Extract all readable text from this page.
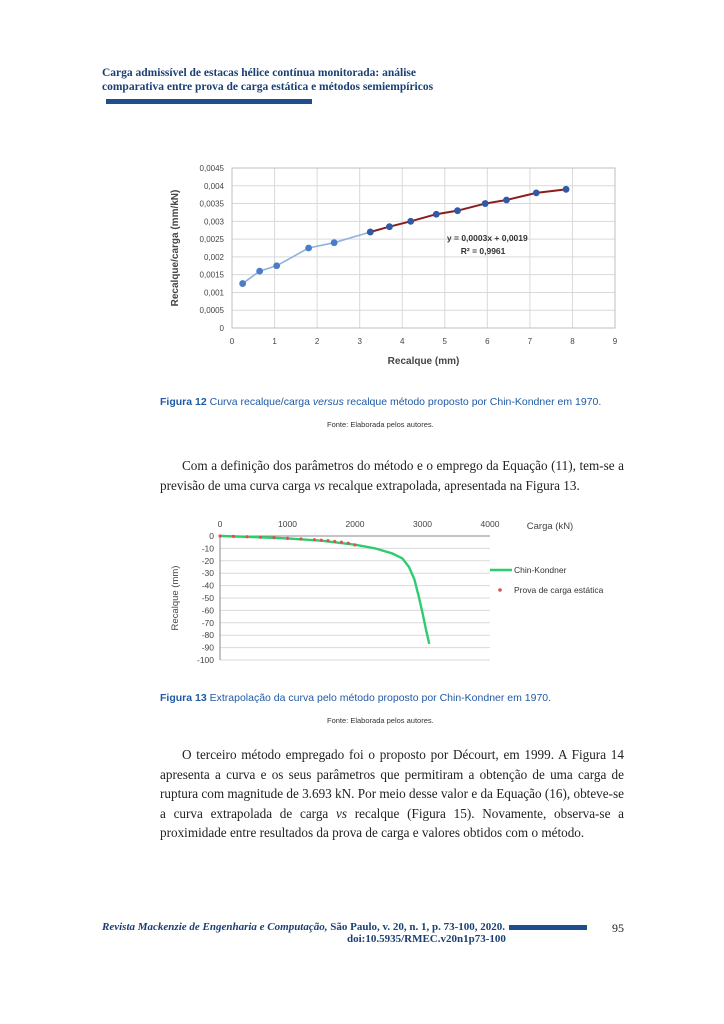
Carga admissível de estacas hélice contínua monitorada: análise
comparativa entre prova de carga estática e métodos semiempíricos
0
0,0005
0,001
0,0015
0,002
0,0025
0,003
0,0035
0,004
0,0045
0	1	2	3	4	5	6	7	8	9
Recalque (mm)
Recalque/carga (mm/kN)	y = 0,0003x + 0,0019
R² = 0,9961
Figura 12 Curva recalque/carga versus recalque método proposto por Chin-Kondner em 1970.
Fonte: Elaborada pelos autores.
Com a definição dos parâmetros do método e o emprego da Equação (11), tem-se a previsão de uma curva carga vs recalque extrapolada, apresentada na Figura 13.
0
-10
-20
-30
-40
-50
-60
-70
-80
-90
-100
0	1000	2000	3000	4000	Carga (kN)
Recalque (mm)	Chin-Kondner
Prova de carga estática
Figura 13 Extrapolação da curva pelo método proposto por Chin-Kondner em 1970.
Fonte: Elaborada pelos autores.
O terceiro método empregado foi o proposto por Décourt, em 1999. A Figura 14 apresenta a curva e os seus parâmetros que permitiram a obtenção de uma carga de ruptura com magnitude de 3.693 kN. Por meio desse valor e da Equação (16), obteve-se a curva extrapolada de carga vs recalque (Figura 15). Novamente, observa-se a proximidade entre resultados da prova de carga e valores obtidos com o método.
Revista Mackenzie de Engenharia e Computação, São Paulo, v. 20, n. 1, p. 73-100, 2020.
doi:10.5935/RMEC.v20n1p73-100
95
